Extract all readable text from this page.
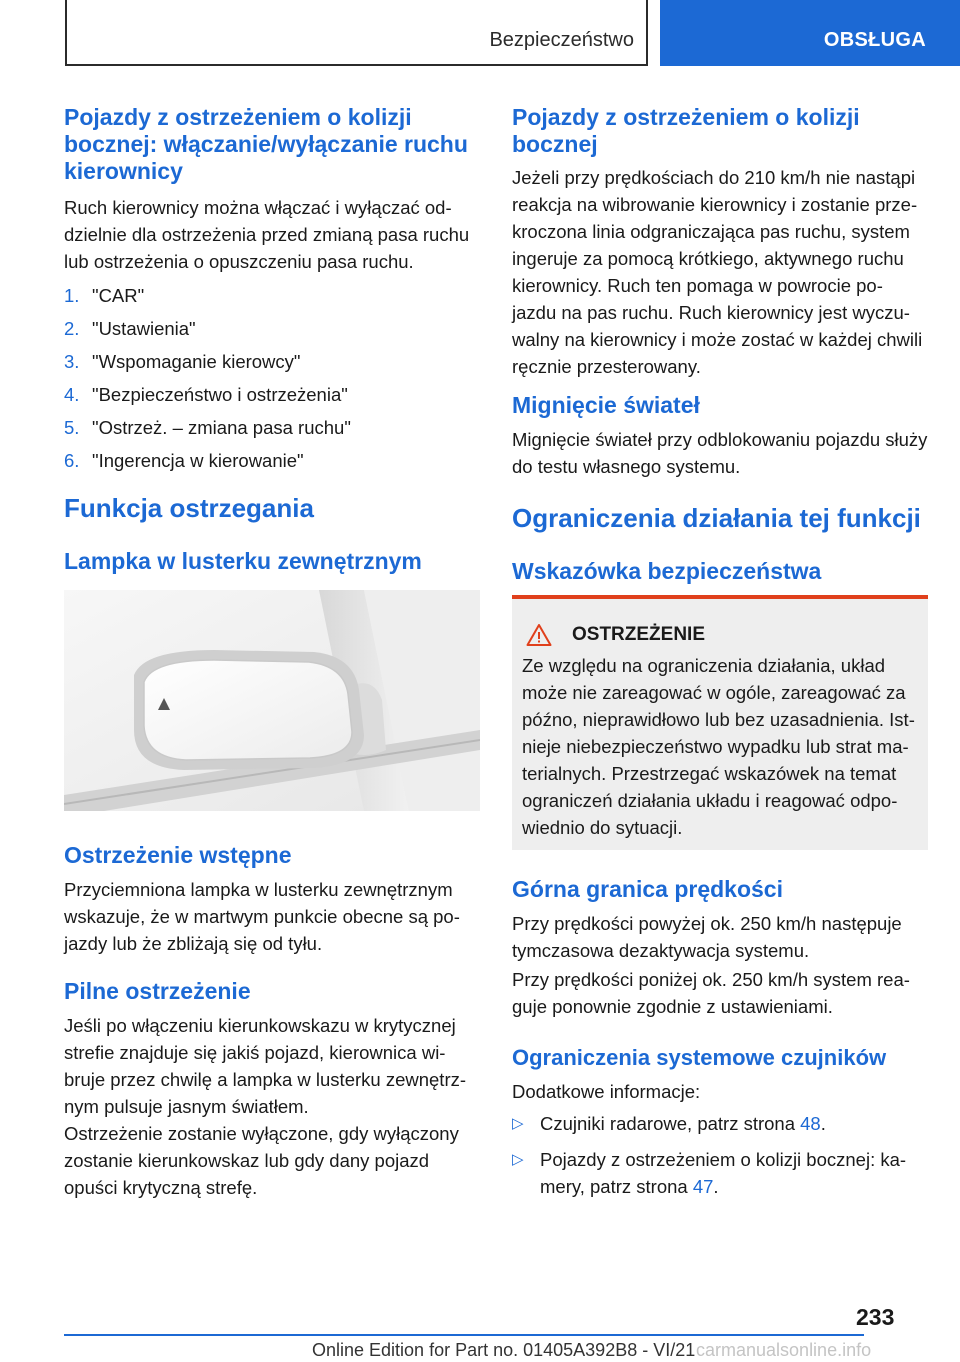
Bezpieczeństwo	OBSŁUGA
Pojazdy z ostrzeżeniem o kolizji bocznej: włączanie/wyłączanie ruchu kierownicy
Ruch kierownicy można włączać i wyłączać od- dzielnie dla ostrzeżenia przed zmianą pasa ruchu lub ostrzeżenia o opuszczeniu pasa ruchu.
1. "CAR"
2. "Ustawienia"
3. "Wspomaganie kierowcy"
4. "Bezpieczeństwo i ostrzeżenia"
5. "Ostrzeż. – zmiana pasa ruchu"
6. "Ingerencja w kierowanie"
Funkcja ostrzegania
Lampka w lusterku zewnętrznym
Ostrzeżenie wstępne
Przyciemniona lampka w lusterku zewnętrznym wskazuje, że w martwym punkcie obecne są po- jazdy lub że zbliżają się od tyłu.
Pilne ostrzeżenie
Jeśli po włączeniu kierunkowskazu w krytycznej strefie znajduje się jakiś pojazd, kierownica wi- bruje przez chwilę a lampka w lusterku zewnętrz- nym pulsuje jasnym światłem.
Ostrzeżenie zostanie wyłączone, gdy wyłączony zostanie kierunkowskaz lub gdy dany pojazd opuści krytyczną strefę.
Pojazdy z ostrzeżeniem o kolizji bocznej
Jeżeli przy prędkościach do 210 km/h nie nastąpi reakcja na wibrowanie kierownicy i zostanie prze- kroczona linia odgraniczająca pas ruchu, system ingeruje za pomocą krótkiego, aktywnego ruchu kierownicy. Ruch ten pomaga w powrocie po- jazdu na pas ruchu. Ruch kierownicy jest wyczu- walny na kierownicy i może zostać w każdej chwili ręcznie przesterowany.
Mignięcie świateł
Mignięcie świateł przy odblokowaniu pojazdu służy do testu własnego systemu.
Ograniczenia działania tej funkcji
Wskazówka bezpieczeństwa
OSTRZEŻENIE
Ze względu na ograniczenia działania, układ może nie zareagować w ogóle, zareagować za późno, nieprawidłowo lub bez uzasadnienia. Ist- nieje niebezpieczeństwo wypadku lub strat ma- terialnych. Przestrzegać wskazówek na temat ograniczeń działania układu i reagować odpo- wiednio do sytuacji.
Górna granica prędkości
Przy prędkości powyżej ok. 250 km/h następuje tymczasowa dezaktywacja systemu.
Przy prędkości poniżej ok. 250 km/h system rea- guje ponownie zgodnie z ustawieniami.
Ograniczenia systemowe czujników
Dodatkowe informacje:
▷ Czujniki radarowe, patrz strona 48.
▷ Pojazdy z ostrzeżeniem o kolizji bocznej: ka- mery, patrz strona 47.
233
Online Edition for Part no. 01405A392B8 - VI/21 carmanualsonline.info
